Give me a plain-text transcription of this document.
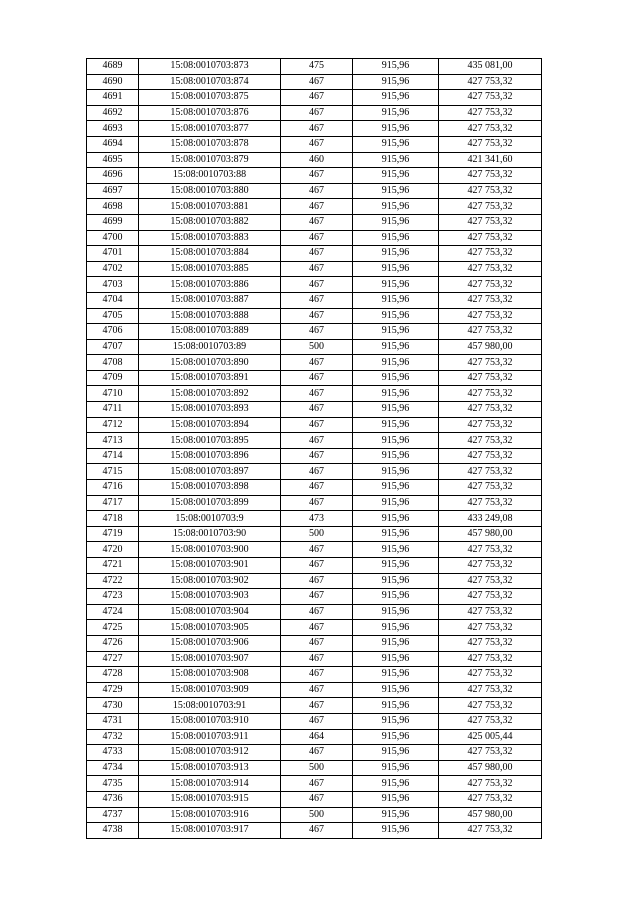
4689	15:08:0010703:873	475	915,96	435 081,00
4690	15:08:0010703:874	467	915,96	427 753,32
4691	15:08:0010703:875	467	915,96	427 753,32
4692	15:08:0010703:876	467	915,96	427 753,32
4693	15:08:0010703:877	467	915,96	427 753,32
4694	15:08:0010703:878	467	915,96	427 753,32
4695	15:08:0010703:879	460	915,96	421 341,60
4696	15:08:0010703:88	467	915,96	427 753,32
4697	15:08:0010703:880	467	915,96	427 753,32
4698	15:08:0010703:881	467	915,96	427 753,32
4699	15:08:0010703:882	467	915,96	427 753,32
4700	15:08:0010703:883	467	915,96	427 753,32
4701	15:08:0010703:884	467	915,96	427 753,32
4702	15:08:0010703:885	467	915,96	427 753,32
4703	15:08:0010703:886	467	915,96	427 753,32
4704	15:08:0010703:887	467	915,96	427 753,32
4705	15:08:0010703:888	467	915,96	427 753,32
4706	15:08:0010703:889	467	915,96	427 753,32
4707	15:08:0010703:89	500	915,96	457 980,00
4708	15:08:0010703:890	467	915,96	427 753,32
4709	15:08:0010703:891	467	915,96	427 753,32
4710	15:08:0010703:892	467	915,96	427 753,32
4711	15:08:0010703:893	467	915,96	427 753,32
4712	15:08:0010703:894	467	915,96	427 753,32
4713	15:08:0010703:895	467	915,96	427 753,32
4714	15:08:0010703:896	467	915,96	427 753,32
4715	15:08:0010703:897	467	915,96	427 753,32
4716	15:08:0010703:898	467	915,96	427 753,32
4717	15:08:0010703:899	467	915,96	427 753,32
4718	15:08:0010703:9	473	915,96	433 249,08
4719	15:08:0010703:90	500	915,96	457 980,00
4720	15:08:0010703:900	467	915,96	427 753,32
4721	15:08:0010703:901	467	915,96	427 753,32
4722	15:08:0010703:902	467	915,96	427 753,32
4723	15:08:0010703:903	467	915,96	427 753,32
4724	15:08:0010703:904	467	915,96	427 753,32
4725	15:08:0010703:905	467	915,96	427 753,32
4726	15:08:0010703:906	467	915,96	427 753,32
4727	15:08:0010703:907	467	915,96	427 753,32
4728	15:08:0010703:908	467	915,96	427 753,32
4729	15:08:0010703:909	467	915,96	427 753,32
4730	15:08:0010703:91	467	915,96	427 753,32
4731	15:08:0010703:910	467	915,96	427 753,32
4732	15:08:0010703:911	464	915,96	425 005,44
4733	15:08:0010703:912	467	915,96	427 753,32
4734	15:08:0010703:913	500	915,96	457 980,00
4735	15:08:0010703:914	467	915,96	427 753,32
4736	15:08:0010703:915	467	915,96	427 753,32
4737	15:08:0010703:916	500	915,96	457 980,00
4738	15:08:0010703:917	467	915,96	427 753,32
